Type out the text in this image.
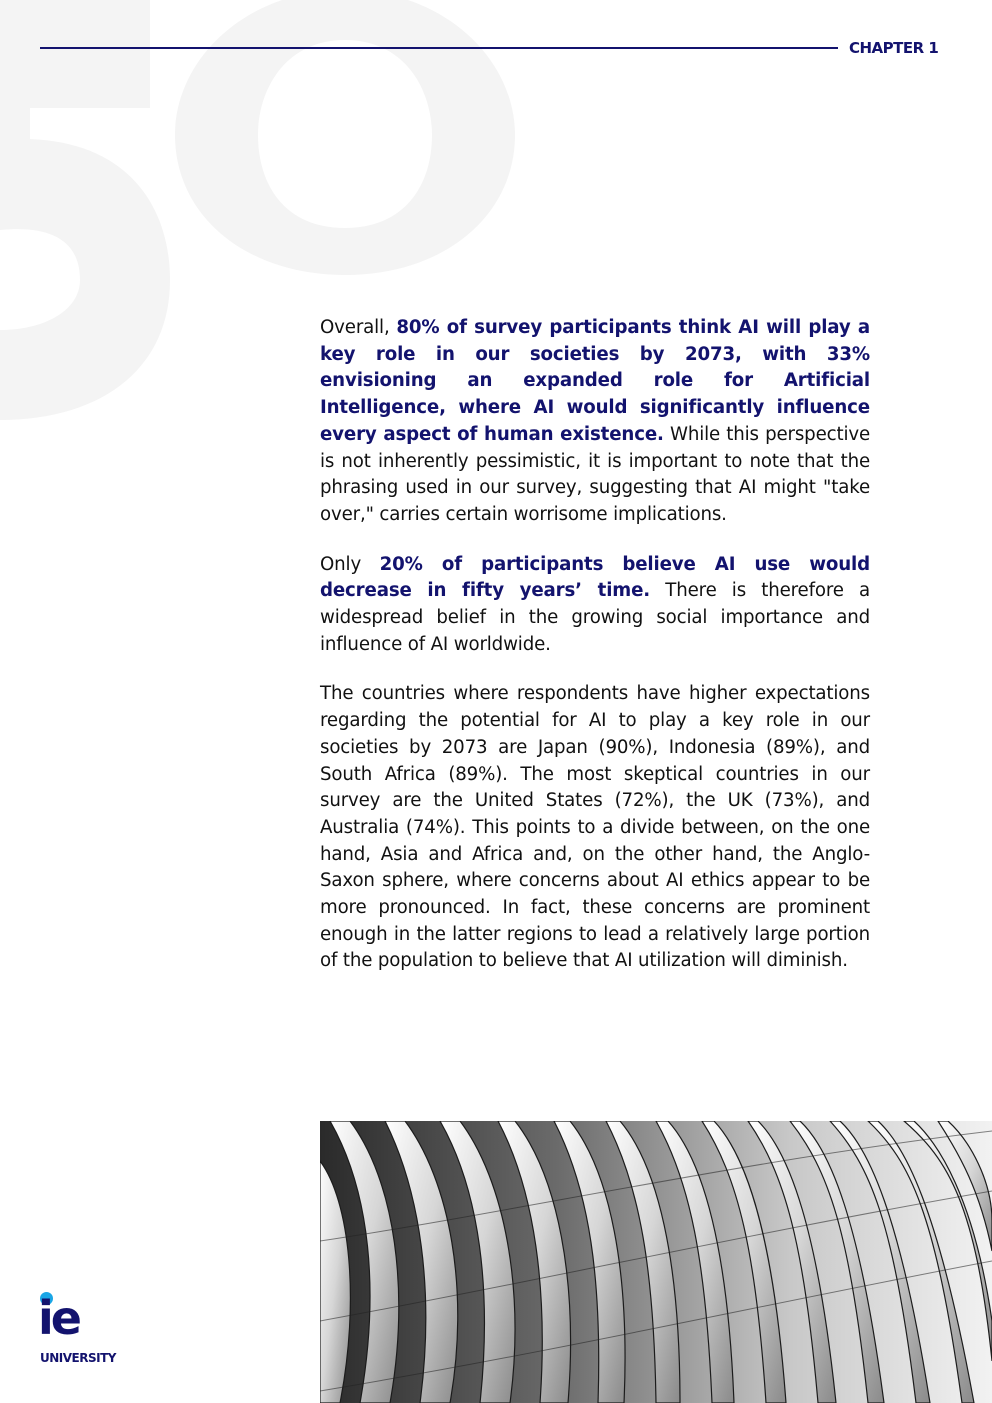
CHAPTER 1

Overall, 80% of survey participants think AI will play a key role in our societies by 2073, with 33% envisioning an expanded role for Artificial Intelligence, where AI would significantly influence every aspect of human existence. While this perspective is not inherently pessimistic, it is important to note that the phrasing used in our survey, suggesting that AI might "take over," carries certain worrisome implications.

Only 20% of participants believe AI use would decrease in fifty years’ time. There is therefore a widespread belief in the growing social importance and influence of AI worldwide.

The countries where respondents have higher expectations regarding the potential for AI to play a key role in our societies by 2073 are Japan (90%), Indonesia (89%), and South Africa (89%). The most skeptical countries in our survey are the United States (72%), the UK (73%), and Australia (74%). This points to a divide between, on the one hand, Asia and Africa and, on the other hand, the Anglo-Saxon sphere, where concerns about AI ethics appear to be more pronounced. In fact, these concerns are prominent enough in the latter regions to lead a relatively large portion of the population to believe that AI utilization will diminish.

ie
UNIVERSITY
